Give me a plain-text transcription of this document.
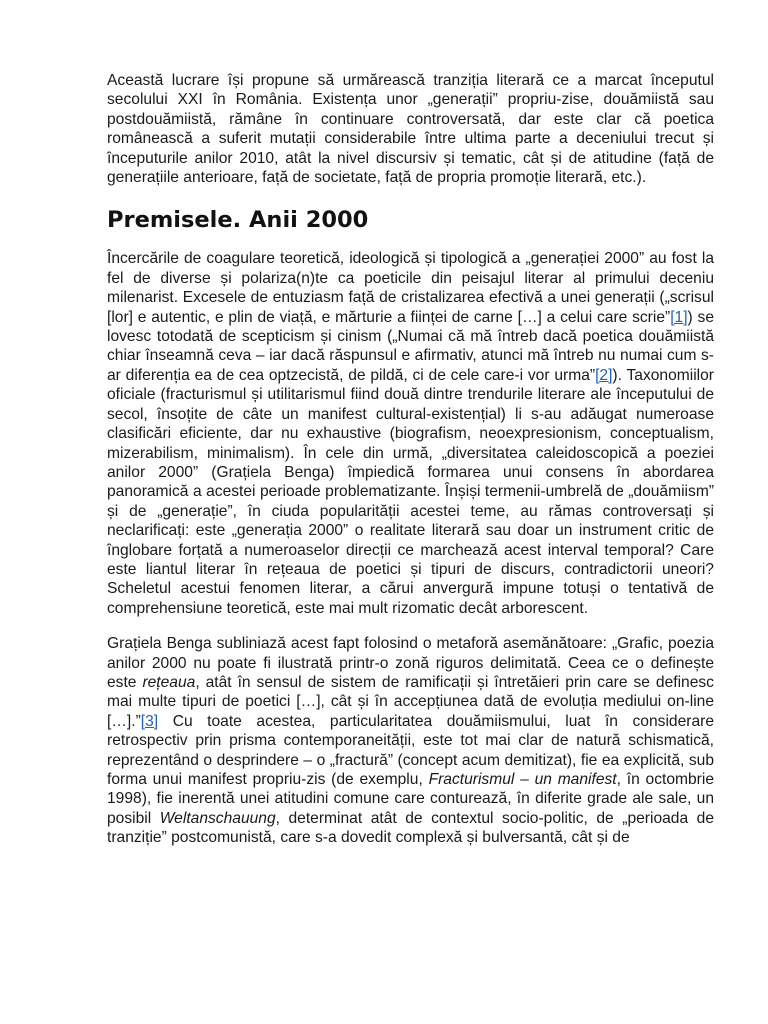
Această lucrare își propune să urmărească tranziția literară ce a marcat începutul secolului XXI în România. Existența unor „generații” propriu-zise, douămiistă sau postdouămiistă, rămâne în continuare controversată, dar este clar că poetica românească a suferit mutații considerabile între ultima parte a deceniului trecut și începuturile anilor 2010, atât la nivel discursiv și tematic, cât și de atitudine (față de generațiile anterioare, față de societate, față de propria promoție literară, etc.).

Premisele. Anii 2000

Încercările de coagulare teoretică, ideologică și tipologică a „generației 2000” au fost la fel de diverse și polariza(n)te ca poeticile din peisajul literar al primului deceniu milenarist. Excesele de entuziasm față de cristalizarea efectivă a unei generații („scrisul [lor] e autentic, e plin de viață, e mărturie a ființei de carne […] a celui care scrie”[1]) se lovesc totodată de scepticism și cinism („Numai că mă întreb dacă poetica douămiistă chiar înseamnă ceva – iar dacă răspunsul e afirmativ, atunci mă întreb nu numai cum s-ar diferenția ea de cea optzecistă, de pildă, ci de cele care-i vor urma”[2]). Taxonomiilor oficiale (fracturismul și utilitarismul fiind două dintre trendurile literare ale începutului de secol, însoțite de câte un manifest cultural-existențial) li s-au adăugat numeroase clasificări eficiente, dar nu exhaustive (biografism, neoexpresionism, conceptualism, mizerabilism, minimalism). În cele din urmă, „diversitatea caleidoscopică a poeziei anilor 2000” (Grațiela Benga) împiedică formarea unui consens în abordarea panoramică a acestei perioade problematizante. Înșiși termenii-umbrelă de „douămiism” și de „generație”, în ciuda popularității acestei teme, au rămas controversați și neclarificați: este „generația 2000” o realitate literară sau doar un instrument critic de înglobare forțată a numeroaselor direcții ce marchează acest interval temporal? Care este liantul literar în rețeaua de poetici și tipuri de discurs, contradictorii uneori? Scheletul acestui fenomen literar, a cărui anvergură impune totuși o tentativă de comprehensiune teoretică, este mai mult rizomatic decât arborescent.

Grațiela Benga subliniază acest fapt folosind o metaforă asemănătoare: „Grafic, poezia anilor 2000 nu poate fi ilustrată printr-o zonă riguros delimitată. Ceea ce o definește este rețeaua, atât în sensul de sistem de ramificații și întretăieri prin care se definesc mai multe tipuri de poetici […], cât și în accepțiunea dată de evoluția mediului on-line […].”[3] Cu toate acestea, particularitatea douămiismului, luat în considerare retrospectiv prin prisma contemporaneității, este tot mai clar de natură schismatică, reprezentând o desprindere – o „fractură” (concept acum demitizat), fie ea explicită, sub forma unui manifest propriu-zis (de exemplu, Fracturismul – un manifest, în octombrie 1998), fie inerentă unei atitudini comune care conturează, în diferite grade ale sale, un posibil Weltanschauung, determinat atât de contextul socio-politic, de „perioada de tranziție” postcomunistă, care s-a dovedit complexă și bulversantă, cât și de
